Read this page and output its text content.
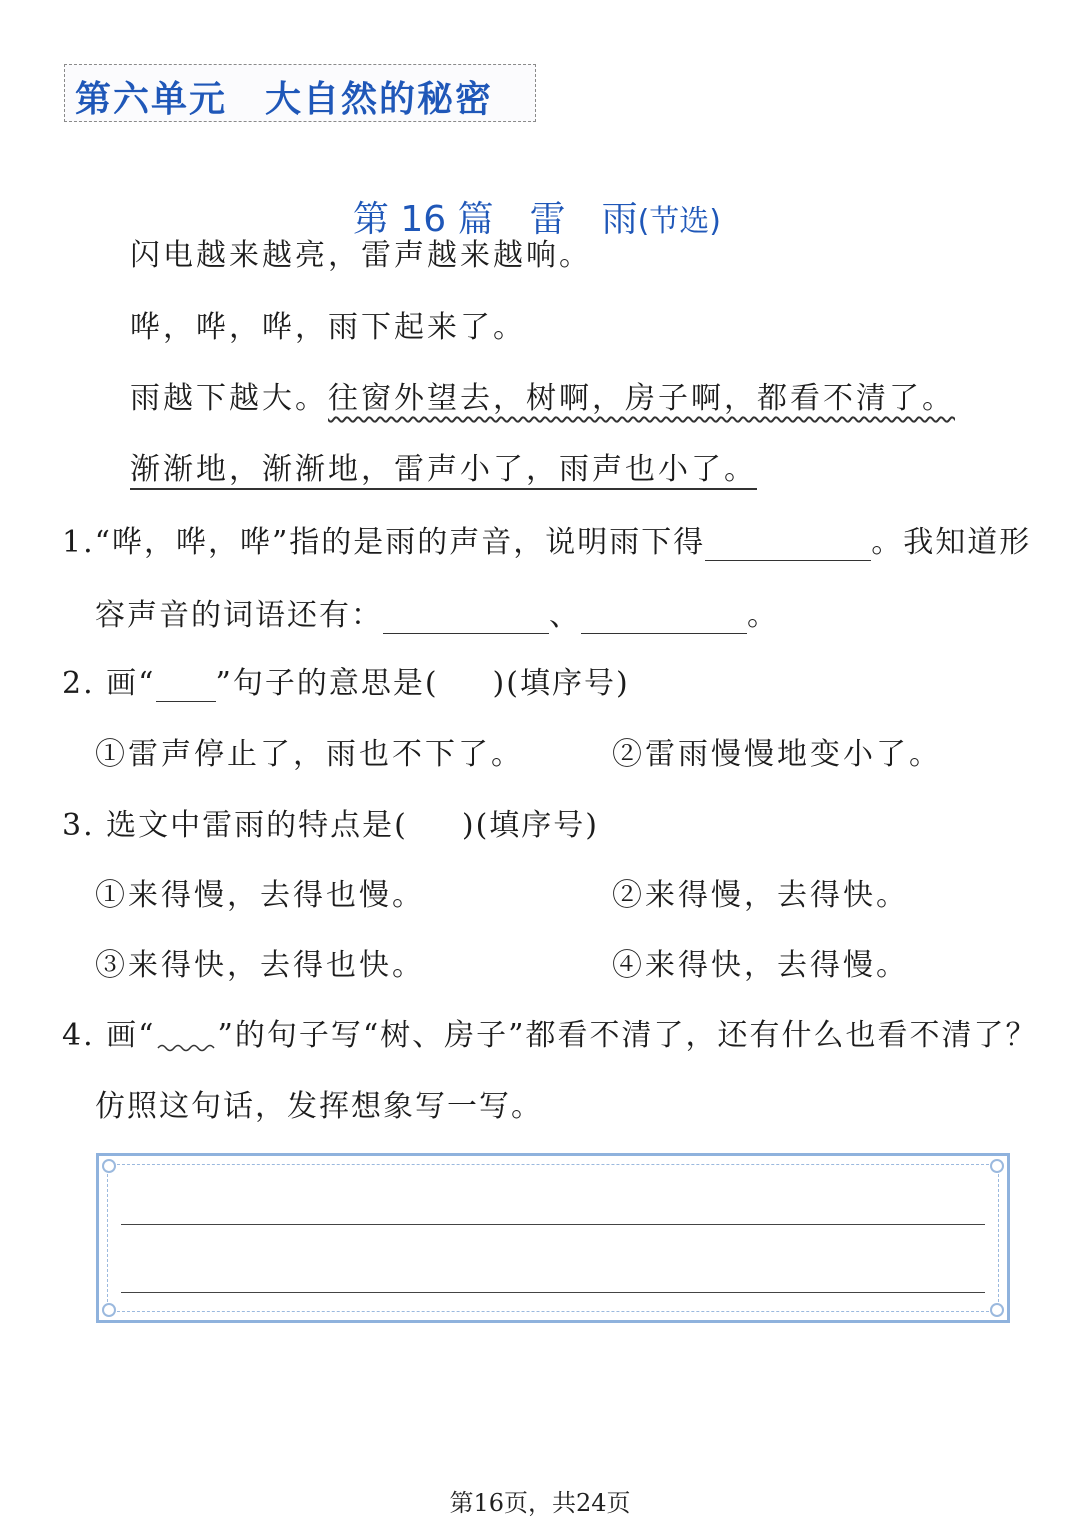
第六单元　大自然的秘密

第 16 篇　雷　雨(节选)

闪电越来越亮，雷声越来越响。
哗，哗，哗，雨下起来了。
雨越下越大。往窗外望去，树啊，房子啊，都看不清了。
渐渐地，渐渐地，雷声小了，雨声也小了。
1.“哗，哗，哗”指的是雨的声音，说明雨下得	。我知道形
容声音的词语还有：	、	。
2. 画“ ”句子的意思是( )(填序号)
①雷声停止了，雨也不下了。	②雷雨慢慢地变小了。
3. 选文中雷雨的特点是( )(填序号)
①来得慢，去得也慢。	②来得慢，去得快。
③来得快，去得也快。	④来得快，去得慢。
4. 画“ ”的句子写“树、房子”都看不清了，还有什么也看不清了？
仿照这句话，发挥想象写一写。
第16页，共24页
